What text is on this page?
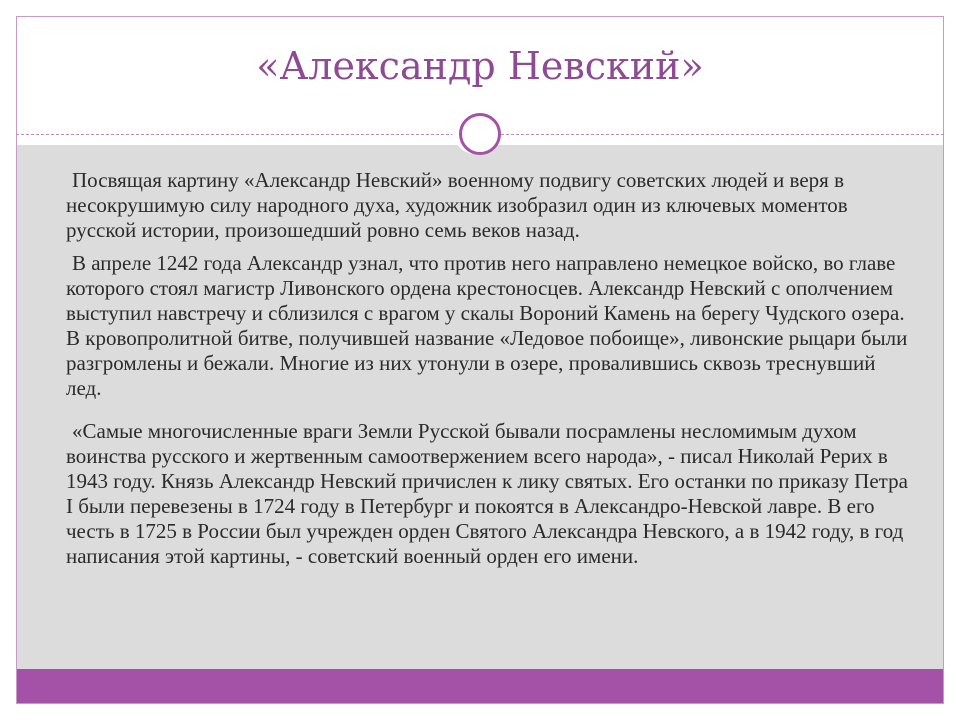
«Александр Невский»

Посвящая картину «Александр Невский» военному подвигу советских людей и веря в несокрушимую силу народного духа, художник изобразил один из ключевых моментов русской истории, произошедший ровно семь веков назад.

В апреле 1242 года Александр узнал, что против него направлено немецкое войско, во главе которого стоял магистр Ливонского ордена крестоносцев. Александр Невский с ополчением выступил навстречу и сблизился с врагом у скалы Вороний Камень на берегу Чудского озера. В кровопролитной битве, получившей название «Ледовое побоище», ливонские рыцари были разгромлены и бежали. Многие из них утонули в озере, провалившись сквозь треснувший лед.

«Самые многочисленные враги Земли Русской бывали посрамлены несломимым духом воинства русского и жертвенным самоотвержением всего народа», - писал Николай Рерих в 1943 году. Князь Александр Невский причислен к лику святых. Его останки по приказу Петра I были перевезены в 1724 году в Петербург и покоятся в Александро-Невской лавре. В его честь в 1725 в России был учрежден орден Святого Александра Невского, а в 1942 году, в год написания этой картины, - советский военный орден его имени.
